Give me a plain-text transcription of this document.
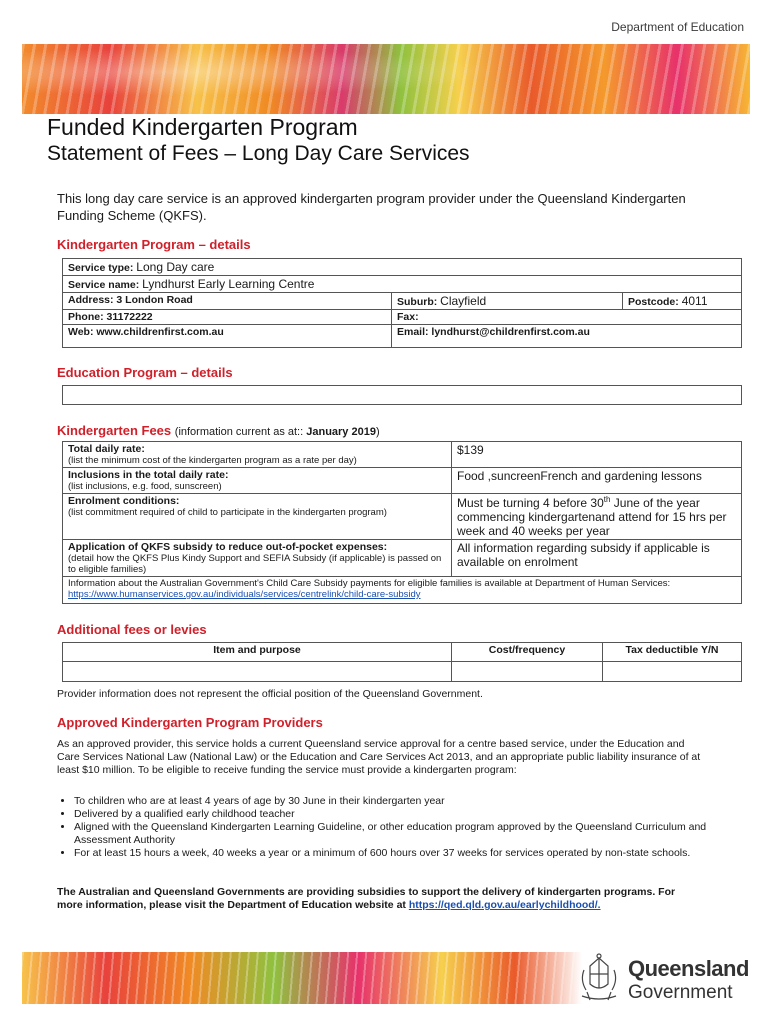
Department of Education
Funded Kindergarten Program
Statement of Fees – Long Day Care Services
This long day care service is an approved kindergarten program provider under the Queensland Kindergarten Funding Scheme (QKFS).
Kindergarten Program – details
Service type: Long Day care		
Service name: Lyndhurst Early Learning Centre		
Address: 3 London Road	Suburb: Clayfield	Postcode: 4011
Phone: 31172222	Fax:	
Web: www.childrenfirst.com.au	Email: lyndhurst@childrenfirst.com.au	
Education Program – details
Kindergarten Fees (information current as at:: January 2019)
Total daily rate:
(list the minimum cost of the kindergarten program as a rate per day)	$139

Inclusions in the total daily rate:
(list inclusions, e.g. food, sunscreen)	Food ,suncreenFrench and gardening lessons

Enrolment conditions:
(list commitment required of child to participate in the kindergarten program)	Must be turning 4 before 30th June of the year commencing kindergartenand attend for 15 hrs per week and 40 weeks per year

Application of QKFS subsidy to reduce out-of-pocket expenses:
(detail how the QKFS Plus Kindy Support and SEFIA Subsidy (if applicable) is passed on to eligible families)	All information regarding subsidy if applicable is available on enrolment
Information about the Australian Government's Child Care Subsidy payments for eligible families is available at Department of Human Services: https://www.humanservices.gov.au/individuals/services/centrelink/child-care-subsidy	
Additional fees or levies
Item and purpose	Cost/frequency	Tax deductible Y/N

Provider information does not represent the official position of the Queensland Government.
Approved Kindergarten Program Providers
As an approved provider, this service holds a current Queensland service approval for a centre based service, under the Education and Care Services National Law (National Law) or the Education and Care Services Act 2013, and an appropriate public liability insurance of at least $10 million. To be eligible to receive funding the service must provide a kindergarten program:
• To children who are at least 4 years of age by 30 June in their kindergarten year
• Delivered by a qualified early childhood teacher
• Aligned with the Queensland Kindergarten Learning Guideline, or other education program approved by the Queensland Curriculum and Assessment Authority
• For at least 15 hours a week, 40 weeks a year or a minimum of 600 hours over 37 weeks for services operated by non-state schools.
The Australian and Queensland Governments are providing subsidies to support the delivery of kindergarten programs. For more information, please visit the Department of Education website at https://qed.qld.gov.au/earlychildhood/.
Queensland
Government
